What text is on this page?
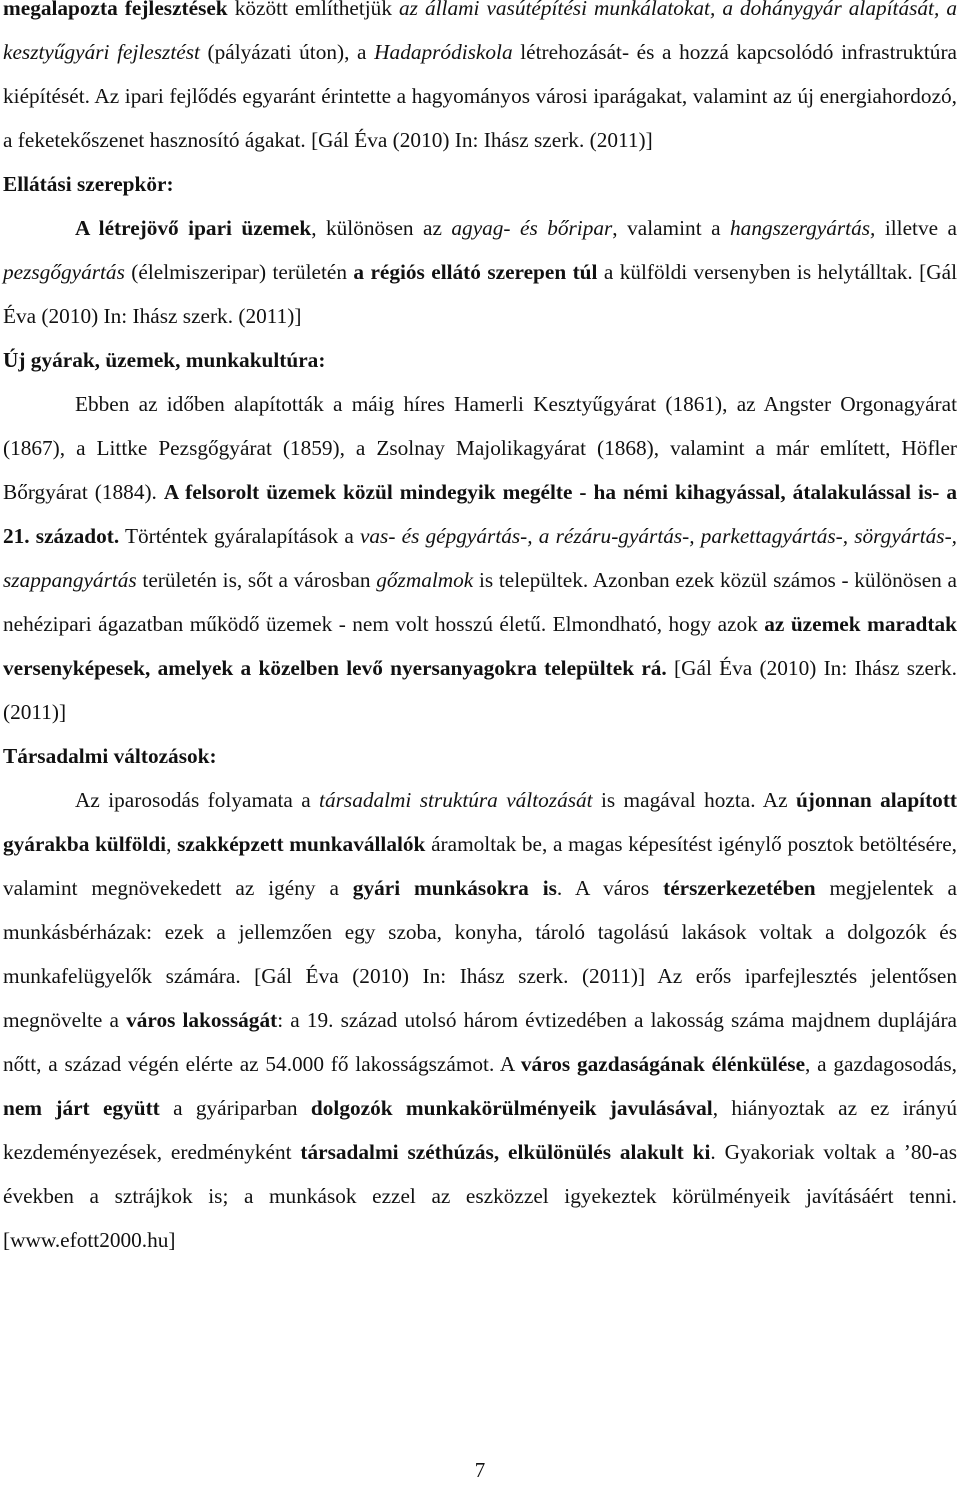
megalapozta fejlesztések között említhetjük az állami vasútépítési munkálatokat, a dohánygyár alapítását, a kesztyűgyári fejlesztést (pályázati úton), a Hadapródiskola létrehozását- és a hozzá kapcsolódó infrastruktúra kiépítését. Az ipari fejlődés egyaránt érintette a hagyományos városi iparágakat, valamint az új energiahordozó, a feketekőszenet hasznosító ágakat. [Gál Éva (2010) In: Ihász szerk. (2011)]

Ellátási szerepkör:

A létrejövő ipari üzemek, különösen az agyag- és bőripar, valamint a hangszergyártás, illetve a pezsgőgyártás (élelmiszeripar) területén a régiós ellátó szerepen túl a külföldi versenyben is helytálltak. [Gál Éva (2010) In: Ihász szerk. (2011)]

Új gyárak, üzemek, munkakultúra:

Ebben az időben alapították a máig híres Hamerli Kesztyűgyárat (1861), az Angster Orgonagyárat (1867), a Littke Pezsgőgyárat (1859), a Zsolnay Majolikagyárat (1868), valamint a már említett, Höfler Bőrgyárat (1884). A felsorolt üzemek közül mindegyik megélte - ha némi kihagyással, átalakulással is- a 21. századot. Történtek gyáralapítások a vas- és gépgyártás-, a rézáru-gyártás-, parkettagyártás-, sörgyártás-, szappangyártás területén is, sőt a városban gőzmalmok is települtek. Azonban ezek közül számos - különösen a nehézipari ágazatban működő üzemek - nem volt hosszú életű. Elmondható, hogy azok az üzemek maradtak versenyképesek, amelyek a közelben levő nyersanyagokra települtek rá. [Gál Éva (2010) In: Ihász szerk. (2011)]

Társadalmi változások:

Az iparosodás folyamata a társadalmi struktúra változását is magával hozta. Az újonnan alapított gyárakba külföldi, szakképzett munkavállalók áramoltak be, a magas képesítést igénylő posztok betöltésére, valamint megnövekedett az igény a gyári munkásokra is. A város térszerkezetében megjelentek a munkásbérházak: ezek a jellemzően egy szoba, konyha, tároló tagolású lakások voltak a dolgozók és munkafelügyelők számára. [Gál Éva (2010) In: Ihász szerk. (2011)] Az erős iparfejlesztés jelentősen megnövelte a város lakosságát: a 19. század utolsó három évtizedében a lakosság száma majdnem duplájára nőtt, a század végén elérte az 54.000 fő lakosságszámot. A város gazdaságának élénkülése, a gazdagosodás, nem járt együtt a gyáriparban dolgozók munkakörülményeik javulásával, hiányoztak az ez irányú kezdeményezések, eredményként társadalmi széthúzás, elkülönülés alakult ki. Gyakoriak voltak a ’80-as években a sztrájkok is; a munkások ezzel az eszközzel igyekeztek körülményeik javításáért tenni. [www.efott2000.hu]

7
